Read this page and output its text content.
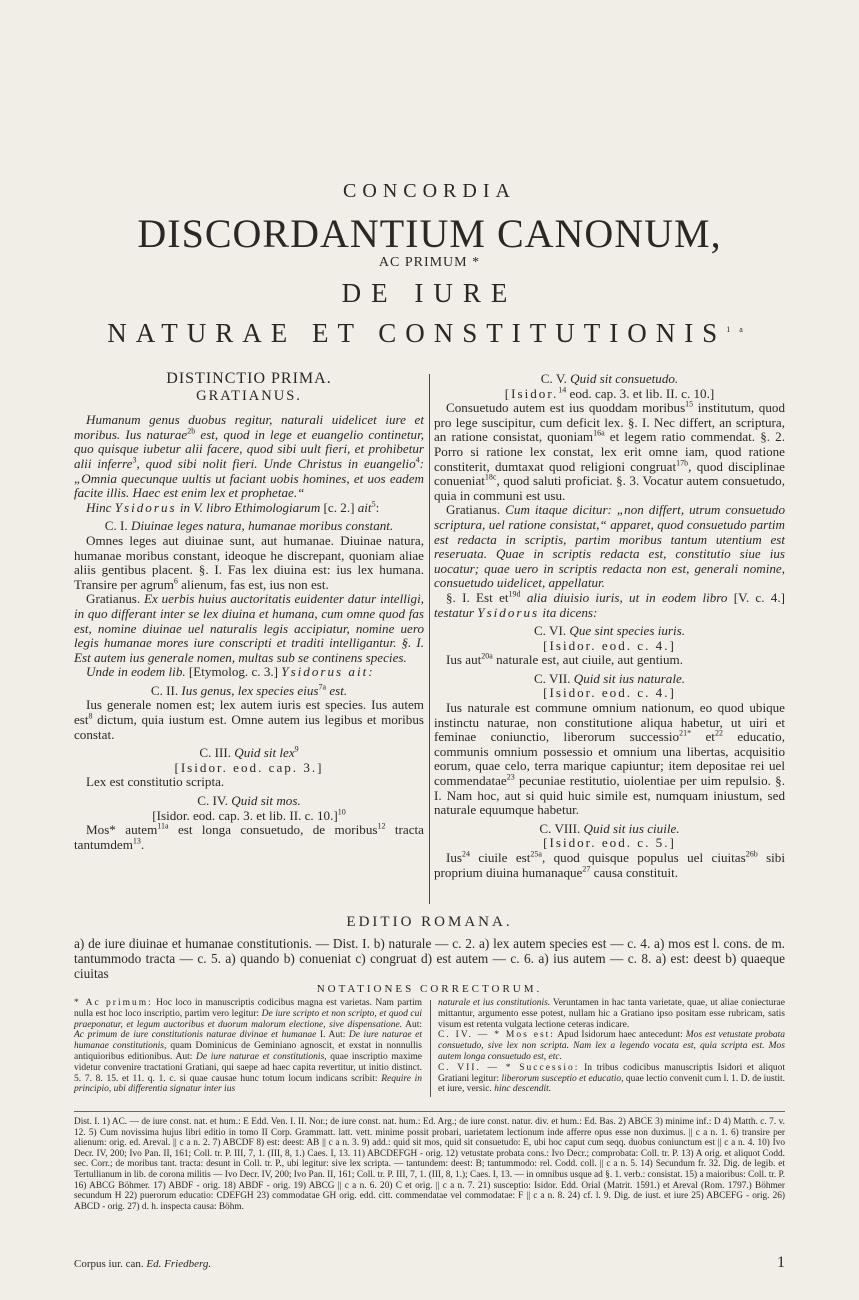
CONCORDIA
DISCORDANTIUM CANONUM,
AC PRIMUM *
DE IURE
NATURAE ET $CONSTITUTIONIS^{1a}$

DISTINCTIO PRIMA.

GRATIANUS.

Humanum genus duobus regitur, naturali uidelicet iure et moribus. Ius naturae$^{2b}$ est, quod in lege et euangelio continetur, quo quisque iubetur alii facere, quod sibi uult fieri, et prohibetur alii inferre$^3$, quod sibi nolit fieri. Unde Christus in euangelio$^4$: „Omnia quecunque uultis ut faciant uobis homines, et uos eadem facite illis. Haec est enim lex et prophetae.“

Hinc Ysidorus in V. libro Ethimologiarum [c. 2.] ait$^5$:

C. I. Diuinae leges natura, humanae moribus constant.

Omnes leges aut diuinae sunt, aut humanae. Diuinae natura, humanae moribus constant, ideoque he discrepant, quoniam aliae aliis gentibus placent. §. I. Fas lex diuina est: ius lex humana. Transire per agrum$^6$ alienum, fas est, ius non est.

Gratianus. Ex uerbis huius auctoritatis euidenter datur intelligi, in quo differant inter se lex diuina et humana, cum omne quod fas est, nomine diuinae uel naturalis legis accipiatur, nomine uero legis humanae mores iure conscripti et traditi intelligantur. §. I. Est autem ius generale nomen, multas sub se continens species.

Unde in eodem lib. [Etymolog. c. 3.] Ysidorus ait:

C. II. Ius genus, lex species eius$^{7a}$ est.

Ius generale nomen est; lex autem iuris est species. Ius autem est$^8$ dictum, quia iustum est. Omne autem ius legibus et moribus constat.

C. III. Quid sit lex$^9$

[Isidor. eod. cap. 3.]

Lex est constitutio scripta.

C. IV. Quid sit mos.

[Isidor. eod. cap. 3. et lib. II. c. 10.]$^{10}$

Mos* autem$^{11a}$ est longa consuetudo, de moribus$^{12}$ tracta tantumdem$^{13}$.

C. V. Quid sit consuetudo.

[Isidor.$^{14}$ eod. cap. 3. et lib. II. c. 10.]

Consuetudo autem est ius quoddam moribus$^{15}$ institutum, quod pro lege suscipitur, cum deficit lex. §. I. Nec differt, an scriptura, an ratione consistat, quoniam$^{16a}$ et legem ratio commendat. §. 2. Porro si ratione lex constat, lex erit omne iam, quod ratione constiterit, dumtaxat quod religioni congruat$^{17b}$, quod disciplinae conueniat$^{18c}$, quod saluti proficiat. §. 3. Vocatur autem consuetudo, quia in communi est usu.

Gratianus. Cum itaque dicitur: „non differt, utrum consuetudo scriptura, uel ratione consistat,“ apparet, quod consuetudo partim est redacta in scriptis, partim moribus tantum utentium est reseruata. Quae in scriptis redacta est, constitutio siue ius uocatur; quae uero in scriptis redacta non est, generali nomine, consuetudo uidelicet, appellatur.

§. I. Est $et^{19d}$ alia diuisio iuris, ut in eodem libro [V. c. 4.] testatur Ysidorus ita dicens:

C. VI. Que sint species iuris.

[Isidor. eod. c. 4.]

Ius aut$^{20a}$ naturale est, aut ciuile, aut gentium.

C. VII. Quid sit ius naturale.

[Isidor. eod. c. 4.]

Ius naturale est commune omnium nationum, eo quod ubique instinctu naturae, non constitutione aliqua habetur, ut uiri et feminae coniunctio, liberorum successio$^{21*}$ $et^{22}$ educatio, communis omnium possessio et omnium una libertas, acquisitio eorum, quae celo, terra marique capiuntur; item depositae rei uel commendatae$^{23}$ pecuniae restitutio, uiolentiae per uim repulsio. §. I. Nam hoc, aut si quid huic simile est, numquam iniustum, sed naturale equumque habetur.

C. VIII. Quid sit ius ciuile.

[Isidor. eod. c. 5.]

Ius$^{24}$ ciuile est$^{25a}$, quod quisque populus uel ciuitas$^{26b}$ sibi proprium diuina humanaque$^{27}$ causa constituit.

EDITIO ROMANA.
a) de iure diuinae et humanae constitutionis. — Dist. I. b) naturale — c. 2. a) lex autem species est — c. 4. a) mos est l. cons. de m. tantummodo tracta — c. 5. a) quando b) conueniat c) congruat d) est autem — c. 6. a) ius autem — c. 8. a) est: deest b) quaeque ciuitas
NOTATIONES CORRECTORUM.
* Ac primum: Hoc loco in manuscriptis codicibus magna est varietas. Nam partim nulla est hoc loco inscriptio, partim vero legitur: De iure scripto et non scripto, et quod cui praeponatur, et legum auctoribus et duorum malorum electione, sive dispensatione. Aut: Ac primum de iure constitutionis naturae divinae et humanae I. Aut: De iure naturae et humanae constitutionis, quam Dominicus de Geminiano agnoscit, et exstat in nonnullis antiquioribus editionibus. Aut: De iure naturae et constitutionis, quae inscriptio maxime videtur convenire tractationi Gratiani, qui saepe ad haec capita revertitur, ut initio distinct. 5. 7. 8. 15. et 11. q. 1. c. si quae causae hunc totum locum indicans scribit: Require in principio, ubi differentia signatur inter ius
naturale et ius constitutionis. Veruntamen in hac tanta varietate, quae, ut aliae coniecturae mittantur, argumento esse potest, nullam hic a Gratiano ipso positam esse rubricam, satis visum est retenta vulgata lectione ceteras indicare.
C. IV. — * Mos est: Apud Isidorum haec antecedunt: Mos est vetustate probata consuetudo, sive lex non scripta. Nam lex a legendo vocata est, quia scripta est. Mos autem longa consuetudo est, etc.
C. VII. — * Successio: In tribus codicibus manuscriptis Isidori et aliquot Gratiani legitur: liberorum susceptio et educatio, quae lectio convenit cum l. 1. D. de iustit. et iure, versic. hinc descendit.
Dist. I. 1) AC. — de iure const. nat. et hum.: E Edd. Ven. I. II. Nor.; de iure const. nat. hum.: Ed. Arg.; de iure const. natur. div. et hum.: Ed. Bas. 2) ABCE 3) minime inf.: D 4) Matth. c. 7. v. 12. 5) Cum novissima hujus libri editio in tomo II Corp. Grammatt. latt. vett. minime possit probari, uarietatem lectionum inde afferre opus esse non duximus. || c a n. 1. 6) transire per alienum: orig. ed. Areval. || c a n. 2. 7) ABCDF 8) est: deest: AB || c a n. 3. 9) add.: quid sit mos, quid sit consuetudo: E, ubi hoc caput cum seqq. duobus coniunctum est || c a n. 4. 10) Ivo Decr. IV, 200; Ivo Pan. II, 161; Coll. tr. P. III, 7, 1. (III, 8, 1.) Caes. I, 13. 11) ABCDEFGH - orig. 12) vetustate probata cons.: Ivo Decr.; comprobata: Coll. tr. P. 13) A orig. et aliquot Codd. sec. Corr.; de moribus tant. tracta: desunt in Coll. tr. P., ubi legitur: sive lex scripta. — tantundem: deest: B; tantummodo: rel. Codd. coll. || c a n. 5. 14) Secundum fr. 32. Dig. de legib. et Tertullianum in lib. de corona militis — Ivo Decr. IV, 200; Ivo Pan. II, 161; Coll. tr. P. III, 7, 1. (III, 8, 1.); Caes. I, 13. — in omnibus usque ad §. 1. verb.: consistat. 15) a maioribus: Coll. tr. P. 16) ABCG Böhmer. 17) ABDF - orig. 18) ABDF - orig. 19) ABCG || c a n. 6. 20) C et orig. || c a n. 7. 21) susceptio: Isidor. Edd. Orial (Matrit. 1591.) et Areval (Rom. 1797.) Böhmer secundum H 22) puerorum educatio: CDEFGH 23) commodatae GH orig. edd. citt. commendatae vel commodatae: F || c a n. 8. 24) cf. l. 9. Dig. de iust. et iure 25) ABCEFG - orig. 26) ABCD - orig. 27) d. h. inspecta causa: Böhm.
Corpus iur. can. Ed. Friedberg.	1
